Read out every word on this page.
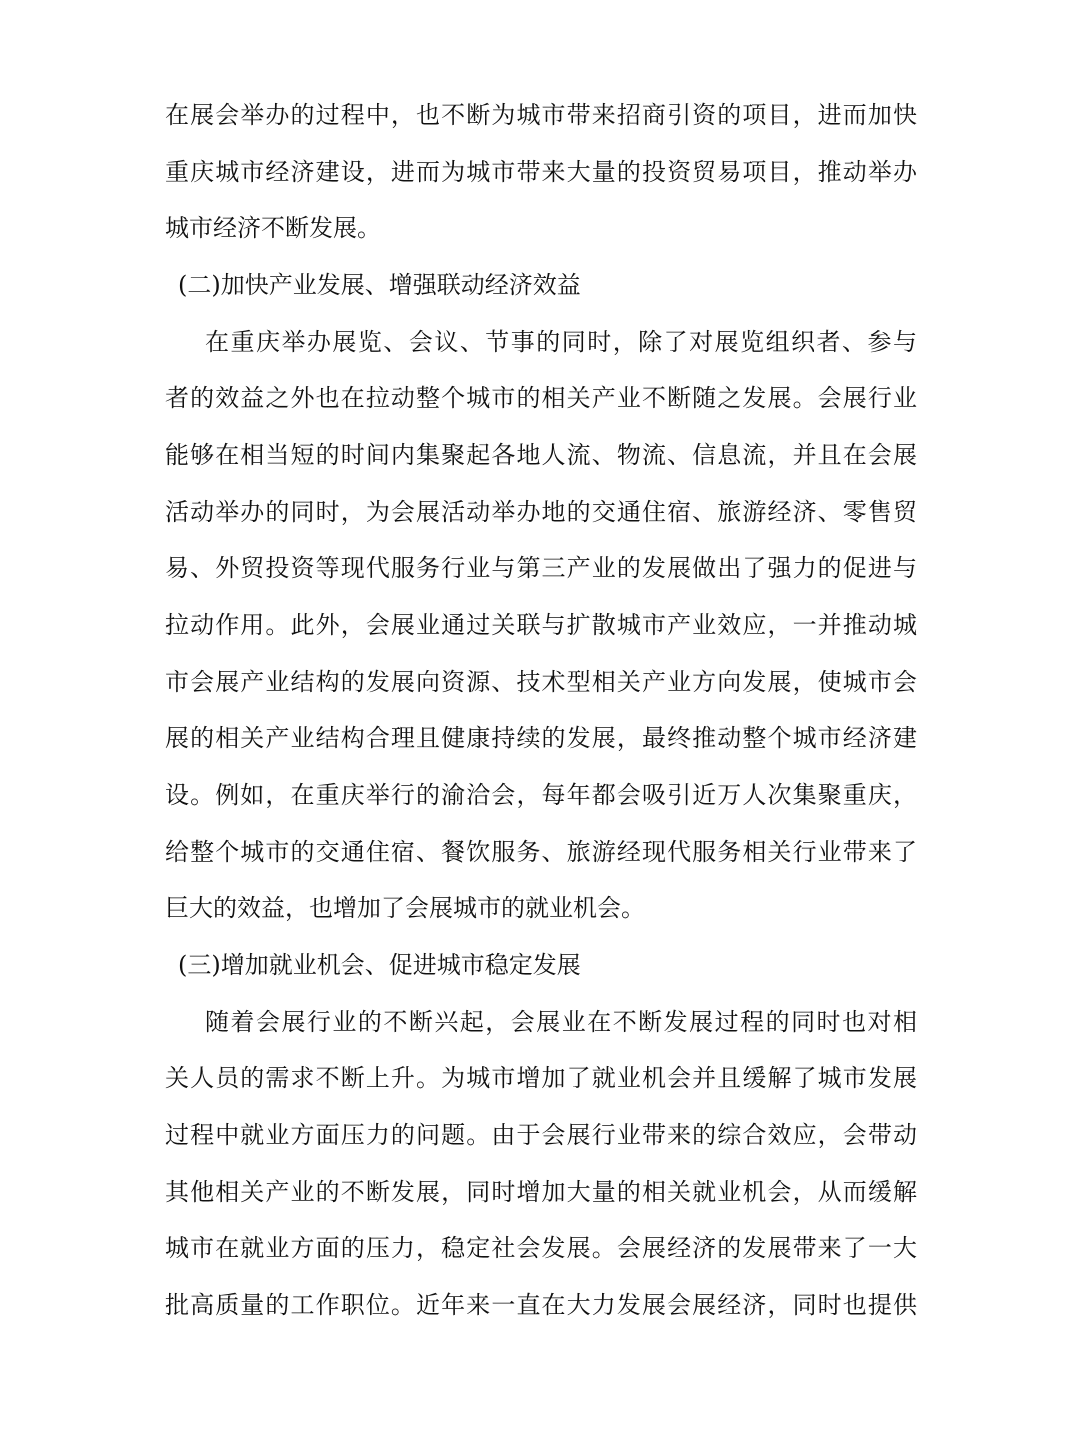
在展会举办的过程中，也不断为城市带来招商引资的项目，进而加快
重庆城市经济建设，进而为城市带来大量的投资贸易项目，推动举办
城市经济不断发展。
(二)加快产业发展、增强联动经济效益
在重庆举办展览、会议、节事的同时，除了对展览组织者、参与
者的效益之外也在拉动整个城市的相关产业不断随之发展。会展行业
能够在相当短的时间内集聚起各地人流、物流、信息流，并且在会展
活动举办的同时，为会展活动举办地的交通住宿、旅游经济、零售贸
易、外贸投资等现代服务行业与第三产业的发展做出了强力的促进与
拉动作用。此外，会展业通过关联与扩散城市产业效应，一并推动城
市会展产业结构的发展向资源、技术型相关产业方向发展，使城市会
展的相关产业结构合理且健康持续的发展，最终推动整个城市经济建
设。例如，在重庆举行的渝洽会，每年都会吸引近万人次集聚重庆，
给整个城市的交通住宿、餐饮服务、旅游经现代服务相关行业带来了
巨大的效益，也增加了会展城市的就业机会。
(三)增加就业机会、促进城市稳定发展
随着会展行业的不断兴起，会展业在不断发展过程的同时也对相
关人员的需求不断上升。为城市增加了就业机会并且缓解了城市发展
过程中就业方面压力的问题。由于会展行业带来的综合效应，会带动
其他相关产业的不断发展，同时增加大量的相关就业机会，从而缓解
城市在就业方面的压力，稳定社会发展。会展经济的发展带来了一大
批高质量的工作职位。近年来一直在大力发展会展经济，同时也提供
